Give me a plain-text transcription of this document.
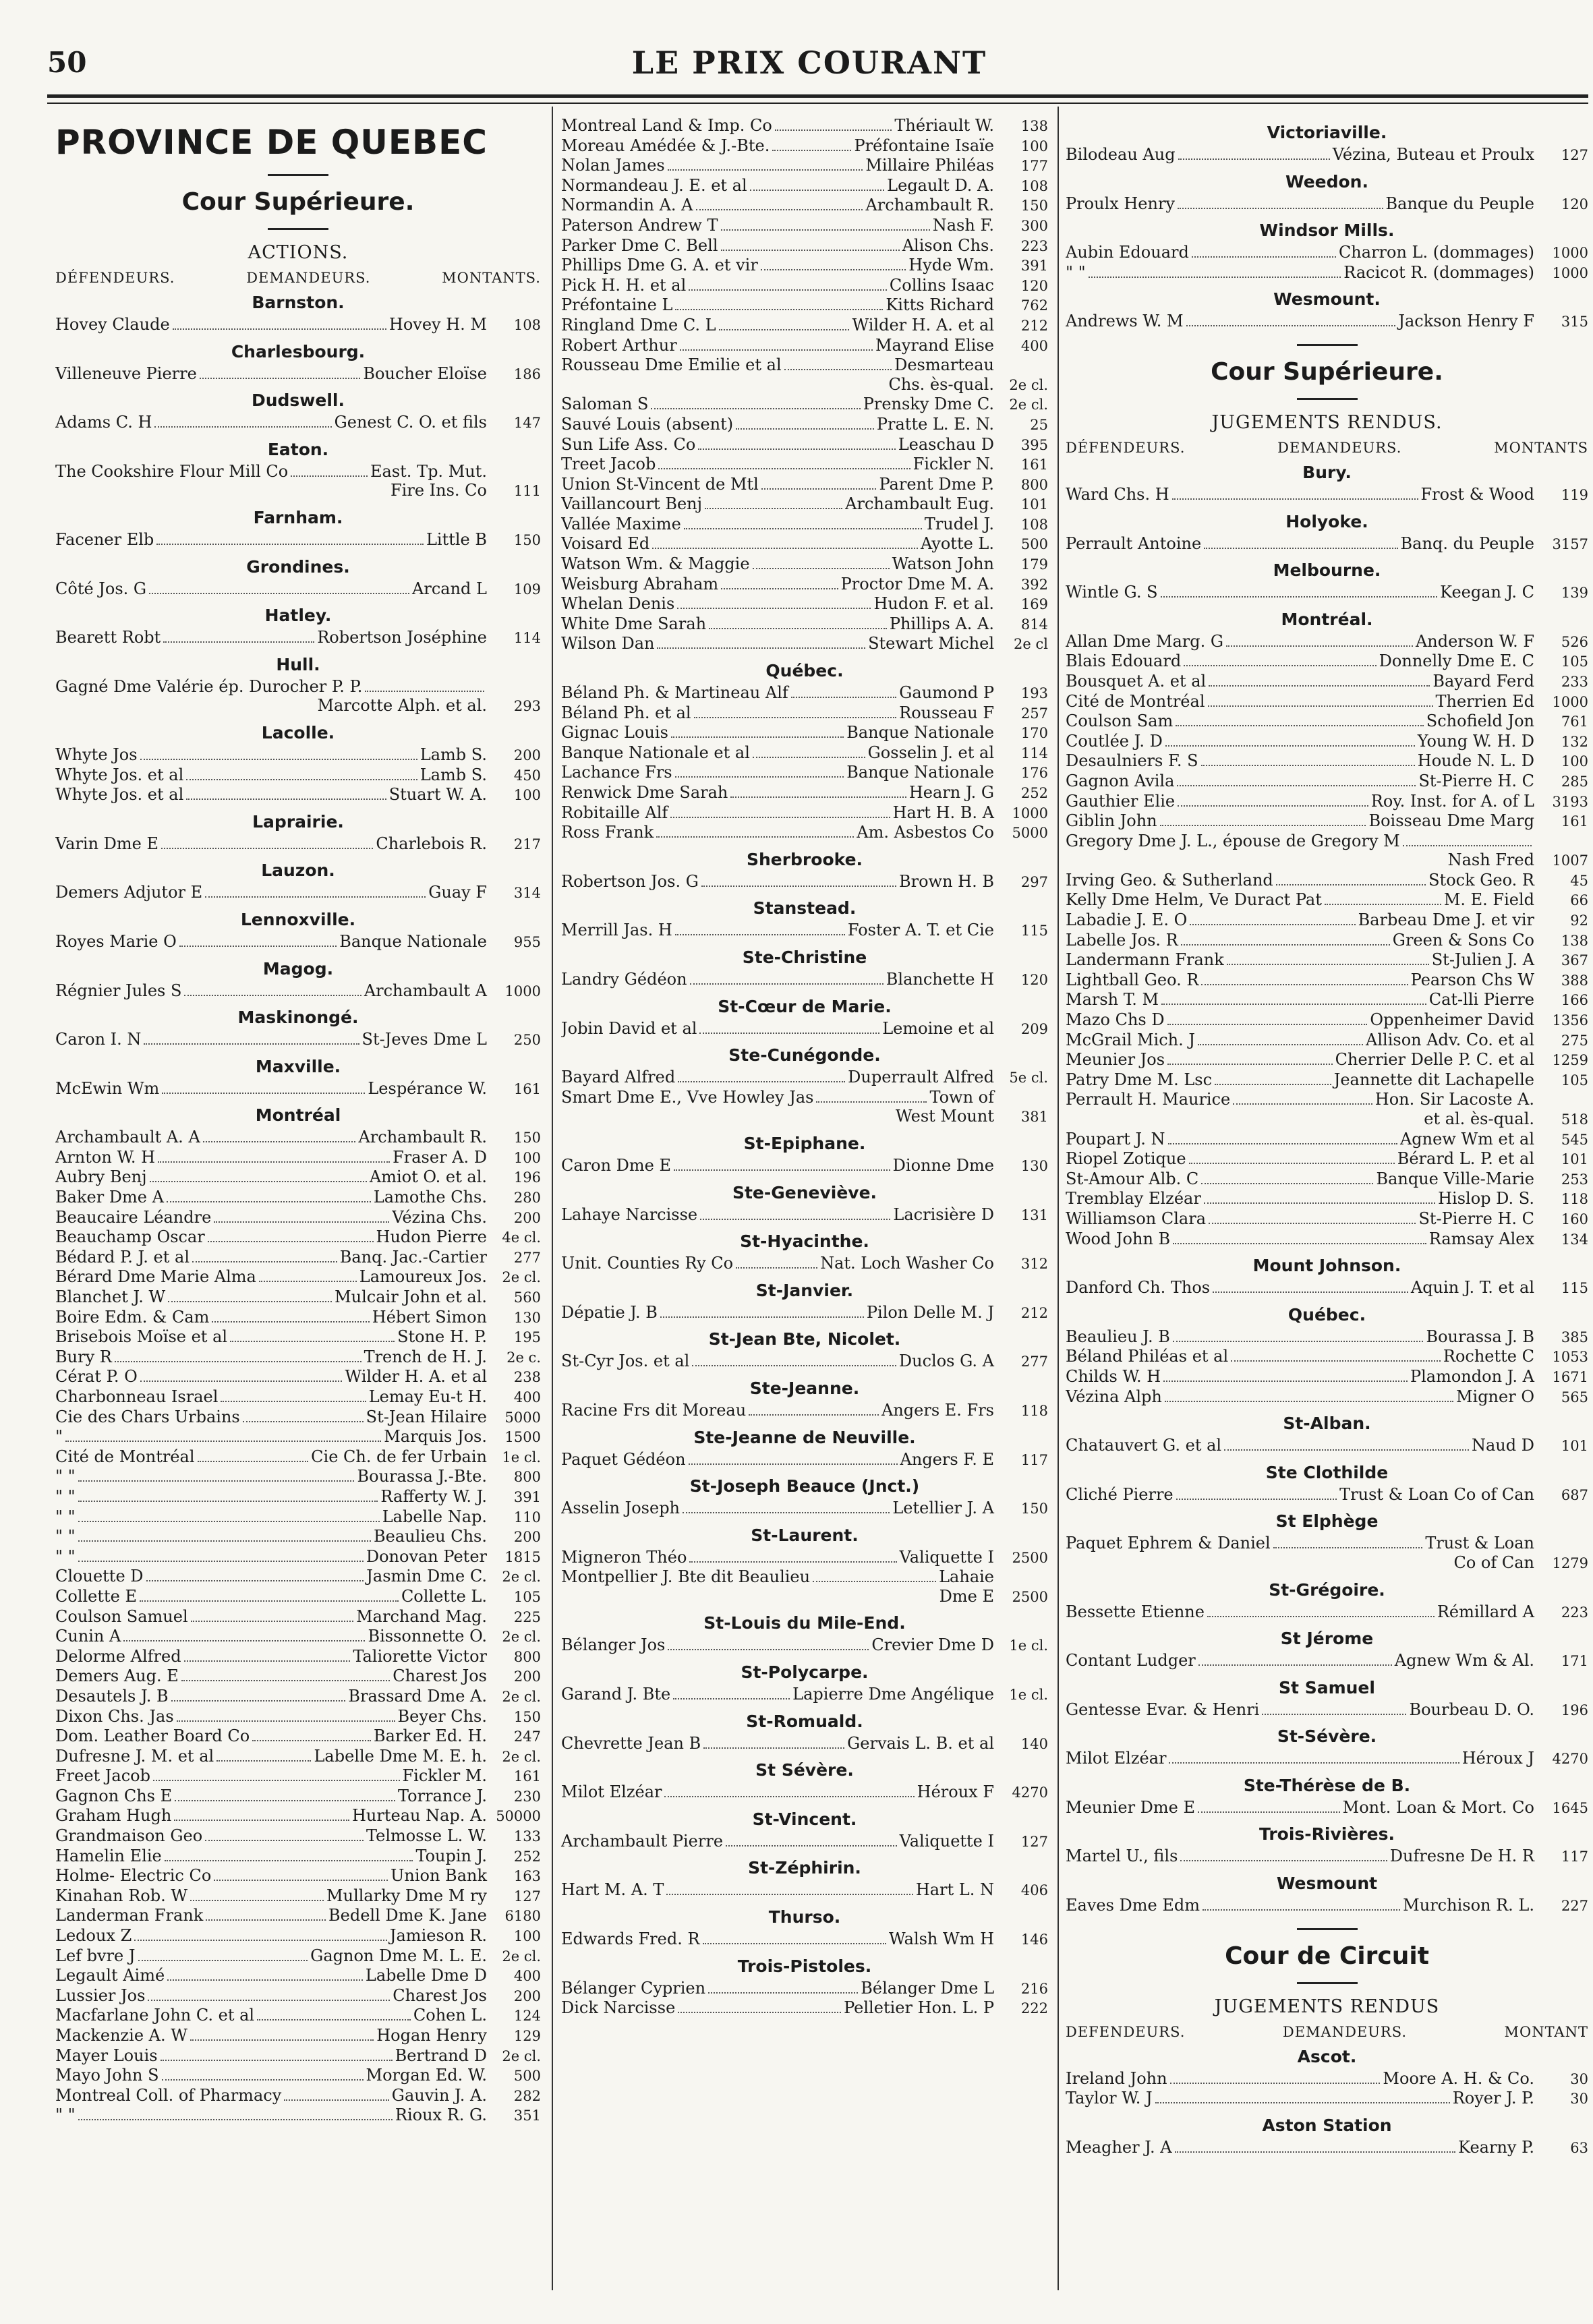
50	LE PRIX COURANT
PROVINCE DE QUEBEC
Cour Supérieure.
ACTIONS.
DÉFENDEURS.	DEMANDEURS.	MONTANTS.
Barnston.
Hovey Claude	Hovey H. M	108
Charlesbourg.
Villeneuve Pierre	Boucher Eloïse	186
Dudswell.
Adams C. H	Genest C. O. et fils	147
Eaton.
The Cookshire Flour Mill Co	East. Tp. Mut.
Fire Ins. Co	111
Farnham.
Facener Elb	Little B	150
Grondines.
Côté Jos. G	Arcand L	109
Hatley.
Bearett Robt	Robertson Joséphine	114
Hull.
Gagné Dme Valérie ép. Durocher P. P.
Marcotte Alph. et al.	293
Lacolle.
Whyte Jos	Lamb S.	200
Whyte Jos. et al	Lamb S.	450
Whyte Jos. et al	Stuart W. A.	100
Laprairie.
Varin Dme E	Charlebois R.	217
Lauzon.
Demers Adjutor E	Guay F	314
Lennoxville.
Royes Marie O	Banque Nationale	955
Magog.
Régnier Jules S	Archambault A	1000
Maskinongé.
Caron I. N	St-Jeves Dme L	250
Maxville.
McEwin Wm	Lespérance W.	161
Montréal
Archambault A. A	Archambault R.	150
Arnton W. H	Fraser A. D	100
Aubry Benj	Amiot O. et al.	196
Baker Dme A	Lamothe Chs.	280
Beaucaire Léandre	Vézina Chs.	200
Beauchamp Oscar	Hudon Pierre	4e cl.
Bédard P. J. et al	Banq. Jac.-Cartier	277
Bérard Dme Marie Alma	Lamoureux Jos.	2e cl.
Blanchet J. W	Mulcair John et al.	560
Boire Edm. & Cam	Hébert Simon	130
Brisebois Moïse et al	Stone H. P.	195
Bury R	Trench de H. J.	2e c.
Cérat P. O	Wilder H. A. et al	238
Charbonneau Israel	Lemay Eu-t H.	400
Cie des Chars Urbains	St-Jean Hilaire	5000
"	Marquis Jos.	1500
Cité de Montréal	Cie Ch. de fer Urbain	1e cl.
" "	Bourassa J.-Bte.	800
" "	Rafferty W. J.	391
" "	Labelle Nap.	110
" "	Beaulieu Chs.	200
" "	Donovan Peter	1815
Clouette D	Jasmin Dme C.	2e cl.
Collette E	Collette L.	105
Coulson Samuel	Marchand Mag.	225
Cunin A	Bissonnette O.	2e cl.
Delorme Alfred	Taliorette Victor	800
Demers Aug. E	Charest Jos	200
Desautels J. B	Brassard Dme A.	2e cl.
Dixon Chs. Jas	Beyer Chs.	150
Dom. Leather Board Co	Barker Ed. H.	247
Dufresne J. M. et al	Labelle Dme M. E. h.	2e cl.
Freet Jacob	Fickler M.	161
Gagnon Chs E	Torrance J.	230
Graham Hugh	Hurteau Nap. A. 50000
Grandmaison Geo	Telmosse L. W.	133
Hamelin Elie	Toupin J.	252
Holme- Electric Co	Union Bank	163
Kinahan Rob. W	Mullarky Dme M ry	127
Landerman Frank	Bedell Dme K. Jane	6180
Ledoux Z	Jamieson R.	100
Lef bvre J	Gagnon Dme M. L. E.	2e cl.
Legault Aimé	Labelle Dme D	400
Lussier Jos	Charest Jos	200
Macfarlane John C. et al	Cohen L.	124
Mackenzie A. W	Hogan Henry	129
Mayer Louis	Bertrand D	2e cl.
Mayo John S	Morgan Ed. W.	500
Montreal Coll. of Pharmacy	Gauvin J. A.	282
" "	Rioux R. G.	351
Montreal Land & Imp. Co	Thériault W.	138
Moreau Amédée & J.-Bte.	Préfontaine Isaïe	100
Nolan James	Millaire Philéas	177
Normandeau J. E. et al	Legault D. A.	108
Normandin A. A	Archambault R.	150
Paterson Andrew T	Nash F.	300
Parker Dme C. Bell	Alison Chs.	223
Phillips Dme G. A. et vir	Hyde Wm.	391
Pick H. H. et al	Collins Isaac	120
Préfontaine L	Kitts Richard	762
Ringland Dme C. L	Wilder H. A. et al	212
Robert Arthur	Mayrand Elise	400
Rousseau Dme Emilie et al	Desmarteau
Chs. ès-qual.	2e cl.
Saloman S	Prensky Dme C.	2e cl.
Sauvé Louis (absent)	Pratte L. E. N.	25
Sun Life Ass. Co	Leaschau D	395
Treet Jacob	Fickler N.	161
Union St-Vincent de Mtl	Parent Dme P.	800
Vaillancourt Benj	Archambault Eug.	101
Vallée Maxime	Trudel J.	108
Voisard Ed	Ayotte L.	500
Watson Wm. & Maggie	Watson John	179
Weisburg Abraham	Proctor Dme M. A.	392
Whelan Denis	Hudon F. et al.	169
White Dme Sarah	Phillips A. A.	814
Wilson Dan	Stewart Michel	2e cl
Québec.
Béland Ph. & Martineau Alf	Gaumond P	193
Béland Ph. et al	Rousseau F	257
Gignac Louis	Banque Nationale	170
Banque Nationale et al	Gosselin J. et al	114
Lachance Frs	Banque Nationale	176
Renwick Dme Sarah	Hearn J. G	252
Robitaille Alf	Hart H. B. A	1000
Ross Frank	Am. Asbestos Co	5000
Sherbrooke.
Robertson Jos. G	Brown H. B	297
Stanstead.
Merrill Jas. H	Foster A. T. et Cie	115
Ste-Christine
Landry Gédéon	Blanchette H	120
St-Cœur de Marie.
Jobin David et al	Lemoine et al	209
Ste-Cunégonde.
Bayard Alfred	Duperrault Alfred	5e cl.
Smart Dme E., Vve Howley Jas	Town of
West Mount	381
St-Epiphane.
Caron Dme E	Dionne Dme	130
Ste-Geneviève.
Lahaye Narcisse	Lacrisière D	131
St-Hyacinthe.
Unit. Counties Ry Co	Nat. Loch Washer Co	312
St-Janvier.
Dépatie J. B	Pilon Delle M. J	212
St-Jean Bte, Nicolet.
St-Cyr Jos. et al	Duclos G. A	277
Ste-Jeanne.
Racine Frs dit Moreau	Angers E. Frs	118
Ste-Jeanne de Neuville.
Paquet Gédéon	Angers F. E	117
St-Joseph Beauce (Jnct.)
Asselin Joseph	Letellier J. A	150
St-Laurent.
Migneron Théo	Valiquette I	2500
Montpellier J. Bte dit Beaulieu	Lahaie
Dme E	2500
St-Louis du Mile-End.
Bélanger Jos	Crevier Dme D	1e cl.
St-Polycarpe.
Garand J. Bte	Lapierre Dme Angélique	1e cl.
St-Romuald.
Chevrette Jean B	Gervais L. B. et al	140
St Sévère.
Milot Elzéar	Héroux F	4270
St-Vincent.
Archambault Pierre	Valiquette I	127
St-Zéphirin.
Hart M. A. T	Hart L. N	406
Thurso.
Edwards Fred. R	Walsh Wm H	146
Trois-Pistoles.
Bélanger Cyprien	Bélanger Dme L	216
Dick Narcisse	Pelletier Hon. L. P	222
Victoriaville.
Bilodeau Aug	Vézina, Buteau et Proulx	127
Weedon.
Proulx Henry	Banque du Peuple	120
Windsor Mills.
Aubin Edouard	Charron L. (dommages)	1000
" "	Racicot R. (dommages)	1000
Wesmount.
Andrews W. M	Jackson Henry F	315
Cour Supérieure.
JUGEMENTS RENDUS.
DÉFENDEURS.	DEMANDEURS.	MONTANTS
Bury.
Ward Chs. H	Frost & Wood	119
Holyoke.
Perrault Antoine	Banq. du Peuple	3157
Melbourne.
Wintle G. S	Keegan J. C	139
Montréal.
Allan Dme Marg. G	Anderson W. F	526
Blais Edouard	Donnelly Dme E. C	105
Bousquet A. et al	Bayard Ferd	233
Cité de Montréal	Therrien Ed	1000
Coulson Sam	Schofield Jon	761
Coutlée J. D	Young W. H. D	132
Desaulniers F. S	Houde N. L. D	100
Gagnon Avila	St-Pierre H. C	285
Gauthier Elie	Roy. Inst. for A. of L	3193
Giblin John	Boisseau Dme Marg	161
Gregory Dme J. L., épouse de Gregory M
Nash Fred	1007
Irving Geo. & Sutherland	Stock Geo. R	45
Kelly Dme Helm, Ve Duract Pat	M. E. Field	66
Labadie J. E. O	Barbeau Dme J. et vir	92
Labelle Jos. R	Green & Sons Co	138
Landermann Frank	St-Julien J. A	367
Lightball Geo. R	Pearson Chs W	388
Marsh T. M	Cat-lli Pierre	166
Mazo Chs D	Oppenheimer David	1356
McGrail Mich. J	Allison Adv. Co. et al	275
Meunier Jos	Cherrier Delle P. C. et al	1259
Patry Dme M. Lsc	Jeannette dit Lachapelle	105
Perrault H. Maurice	Hon. Sir Lacoste A.
et al. ès-qual.	518
Poupart J. N	Agnew Wm et al	545
Riopel Zotique	Bérard L. P. et al	101
St-Amour Alb. C	Banque Ville-Marie	253
Tremblay Elzéar	Hislop D. S.	118
Williamson Clara	St-Pierre H. C	160
Wood John B	Ramsay Alex	134
Mount Johnson.
Danford Ch. Thos	Aquin J. T. et al	115
Québec.
Beaulieu J. B	Bourassa J. B	385
Béland Philéas et al	Rochette C	1053
Childs W. H	Plamondon J. A	1671
Vézina Alph	Migner O	565
St-Alban.
Chatauvert G. et al	Naud D	101
Ste Clothilde
Cliché Pierre	Trust & Loan Co of Can	687
St Elphège
Paquet Ephrem & Daniel	Trust & Loan
Co of Can	1279
St-Grégoire.
Bessette Etienne	Rémillard A	223
St Jérome
Contant Ludger	Agnew Wm & Al.	171
St Samuel
Gentesse Evar. & Henri	Bourbeau D. O.	196
St-Sévère.
Milot Elzéar	Héroux J	4270
Ste-Thérèse de B.
Meunier Dme E	Mont. Loan & Mort. Co	1645
Trois-Rivières.
Martel U., fils	Dufresne De H. R	117
Wesmount
Eaves Dme Edm	Murchison R. L.	227
Cour de Circuit
JUGEMENTS RENDUS
DEFENDEURS.	DEMANDEURS.	MONTANT
Ascot.
Ireland John	Moore A. H. & Co.	30
Taylor W. J	Royer J. P.	30
Aston Station
Meagher J. A	Kearny P.	63
